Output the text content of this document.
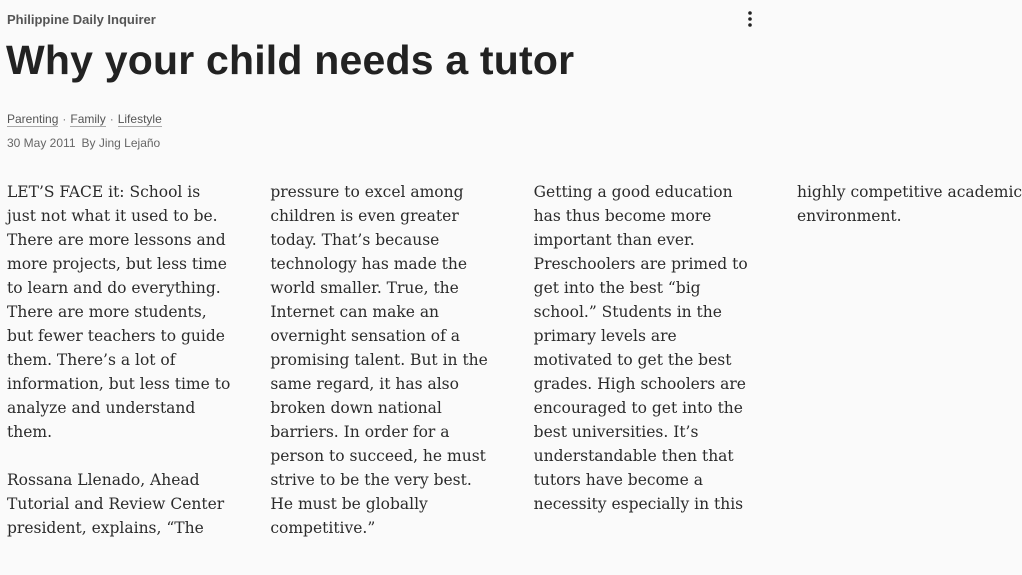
Philippine Daily Inquirer
Why your child needs a tutor
Parenting · Family · Lifestyle
30 May 2011 By Jing Lejaño

LET’S FACE it: School is just not what it used to be. There are more lessons and more projects, but less time to learn and do everything. There are more students, but fewer teachers to guide them. There’s a lot of information, but less time to analyze and understand them.

Rossana Llenado, Ahead Tutorial and Review Center president, explains, “The pressure to excel among children is even greater today. That’s because technology has made the world smaller. True, the Internet can make an overnight sensation of a promising talent. But in the same regard, it has also broken down national barriers. In order for a person to succeed, he must strive to be the very best. He must be globally competitive.”

Getting a good education has thus become more important than ever. Preschoolers are primed to get into the best “big school.” Students in the primary levels are motivated to get the best grades. High schoolers are encouraged to get into the best universities. It’s understandable then that tutors have become a necessity especially in this highly competitive academic environment.
